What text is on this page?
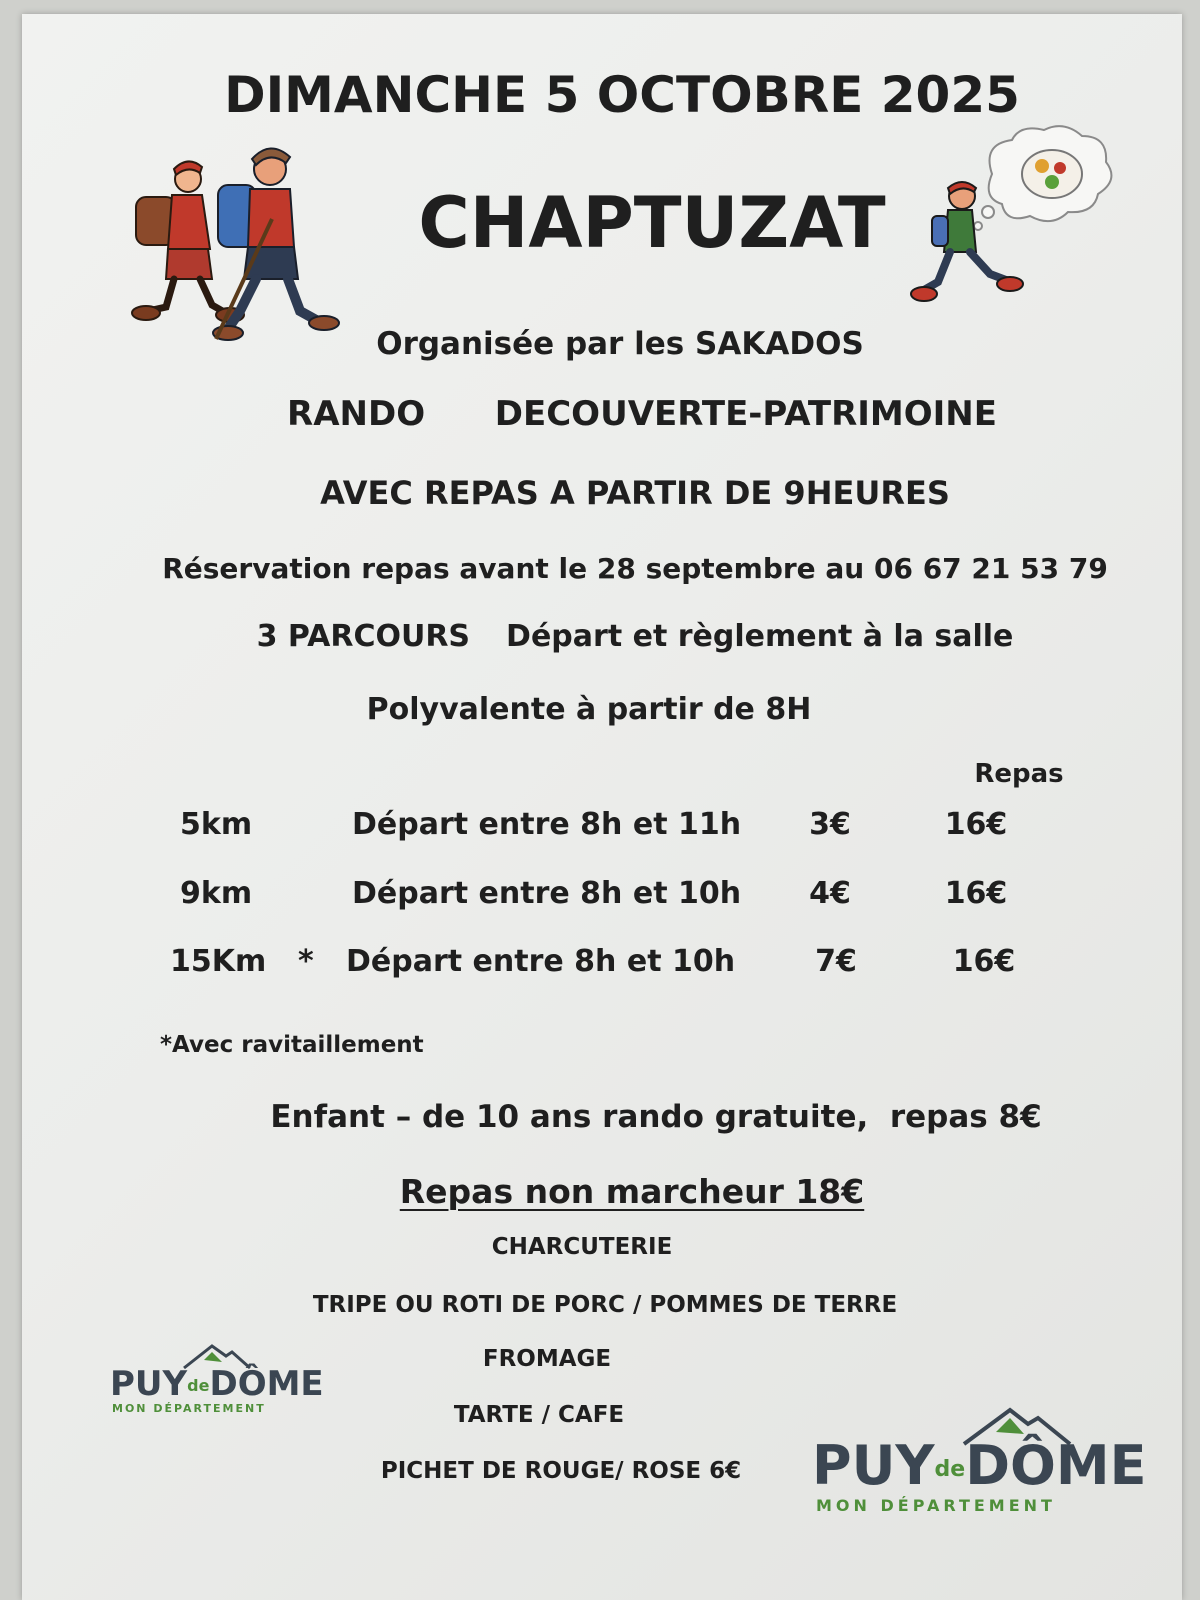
DIMANCHE 5 OCTOBRE 2025
CHAPTUZAT
Organisée par les SAKADOS
RANDO DECOUVERTE-PATRIMOINE
AVEC REPAS A PARTIR DE 9HEURES
Réservation repas avant le 28 septembre au 06 67 21 53 79
3 PARCOURS Départ et règlement à la salle
Polyvalente à partir de 8H
Repas
5km	Départ entre 8h et 11h 3€	16€
9km	Départ entre 8h et 10h 4€	16€
15Km * Départ entre 8h et 10h	7€	16€
*Avec ravitaillement
Enfant – de 10 ans rando gratuite,  repas 8€
Repas non marcheur 18€
CHARCUTERIE
TRIPE OU ROTI DE PORC / POMMES DE TERRE
FROMAGE
TARTE / CAFE
PICHET DE ROUGE/ ROSE 6€
PUYdeDÔME
MON DÉPARTEMENT
PUYdeDÔME
MON DÉPARTEMENT
